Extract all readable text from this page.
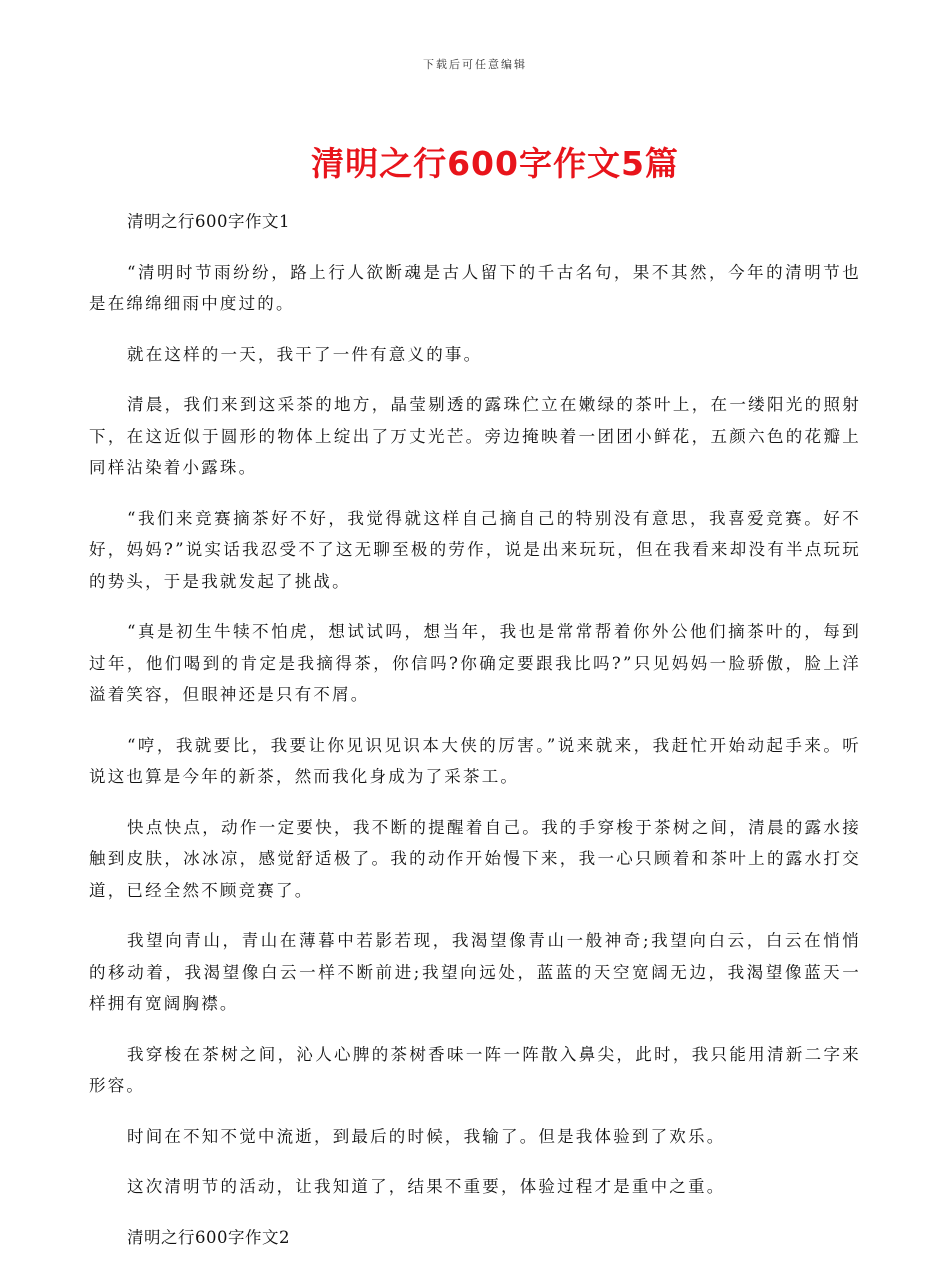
下载后可任意编辑
清明之行600字作文5篇

清明之行600字作文1

“清明时节雨纷纷，路上行人欲断魂是古人留下的千古名句，果不其然，今年的清明节也是在绵绵细雨中度过的。

就在这样的一天，我干了一件有意义的事。

清晨，我们来到这采茶的地方，晶莹剔透的露珠伫立在嫩绿的茶叶上，在一缕阳光的照射下，在这近似于圆形的物体上绽出了万丈光芒。旁边掩映着一团团小鲜花，五颜六色的花瓣上同样沾染着小露珠。

“我们来竞赛摘茶好不好，我觉得就这样自己摘自己的特别没有意思，我喜爱竞赛。好不好，妈妈?”说实话我忍受不了这无聊至极的劳作，说是出来玩玩，但在我看来却没有半点玩玩的势头，于是我就发起了挑战。

“真是初生牛犊不怕虎，想试试吗，想当年，我也是常常帮着你外公他们摘茶叶的，每到过年，他们喝到的肯定是我摘得茶，你信吗?你确定要跟我比吗?”只见妈妈一脸骄傲，脸上洋溢着笑容，但眼神还是只有不屑。

“哼，我就要比，我要让你见识见识本大侠的厉害。”说来就来，我赶忙开始动起手来。听说这也算是今年的新茶，然而我化身成为了采茶工。

快点快点，动作一定要快，我不断的提醒着自己。我的手穿梭于茶树之间，清晨的露水接触到皮肤，冰冰凉，感觉舒适极了。我的动作开始慢下来，我一心只顾着和茶叶上的露水打交道，已经全然不顾竞赛了。

我望向青山，青山在薄暮中若影若现，我渴望像青山一般神奇;我望向白云，白云在悄悄的移动着，我渴望像白云一样不断前进;我望向远处，蓝蓝的天空宽阔无边，我渴望像蓝天一样拥有宽阔胸襟。

我穿梭在茶树之间，沁人心脾的茶树香味一阵一阵散入鼻尖，此时，我只能用清新二字来形容。

时间在不知不觉中流逝，到最后的时候，我输了。但是我体验到了欢乐。

这次清明节的活动，让我知道了，结果不重要，体验过程才是重中之重。

清明之行600字作文2
